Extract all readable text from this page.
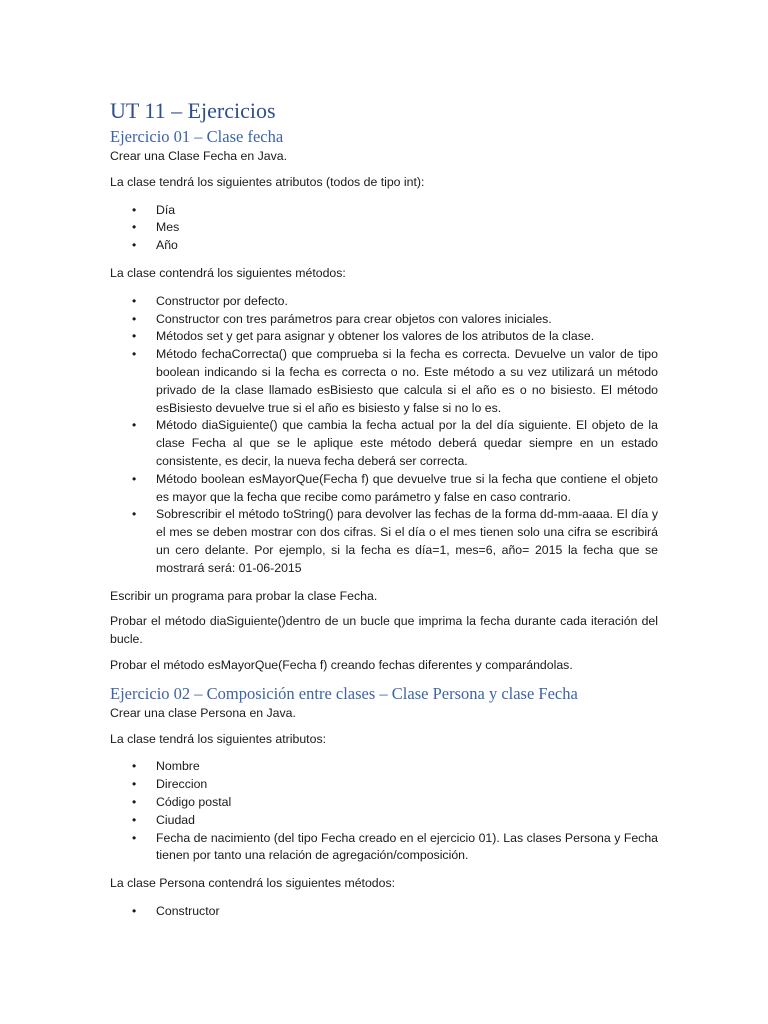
UT 11 – Ejercicios
Ejercicio 01 – Clase fecha

Crear una Clase Fecha en Java.

La clase tendrá los siguientes atributos (todos de tipo int):

• Día
• Mes
• Año

La clase contendrá los siguientes métodos:

• Constructor por defecto.
• Constructor con tres parámetros para crear objetos con valores iniciales.
• Métodos set y get para asignar y obtener los valores de los atributos de la clase.
• Método fechaCorrecta() que comprueba si la fecha es correcta. Devuelve un valor de tipo boolean indicando si la fecha es correcta o no. Este método a su vez utilizará un método privado de la clase llamado esBisiesto que calcula si el año es o no bisiesto. El método esBisiesto devuelve true si el año es bisiesto y false si no lo es.
• Método diaSiguiente() que cambia la fecha actual por la del día siguiente. El objeto de la clase Fecha al que se le aplique este método deberá quedar siempre en un estado consistente, es decir, la nueva fecha deberá ser correcta.
• Método boolean esMayorQue(Fecha f) que devuelve true si la fecha que contiene el objeto es mayor que la fecha que recibe como parámetro y false en caso contrario.
• Sobrescribir el método toString() para devolver las fechas de la forma dd-mm-aaaa. El día y el mes se deben mostrar con dos cifras. Si el día o el mes tienen solo una cifra se escribirá un cero delante. Por ejemplo, si la fecha es día=1, mes=6, año= 2015 la fecha que se mostrará será: 01-06-2015

Escribir un programa para probar la clase Fecha.

Probar el método diaSiguiente()dentro de un bucle que imprima la fecha durante cada iteración del bucle.

Probar el método esMayorQue(Fecha f) creando fechas diferentes y comparándolas.

Ejercicio 02 – Composición entre clases – Clase Persona y clase Fecha

Crear una clase Persona en Java.

La clase tendrá los siguientes atributos:

• Nombre
• Direccion
• Código postal
• Ciudad
• Fecha de nacimiento (del tipo Fecha creado en el ejercicio 01). Las clases Persona y Fecha tienen por tanto una relación de agregación/composición.

La clase Persona contendrá los siguientes métodos:

• Constructor
